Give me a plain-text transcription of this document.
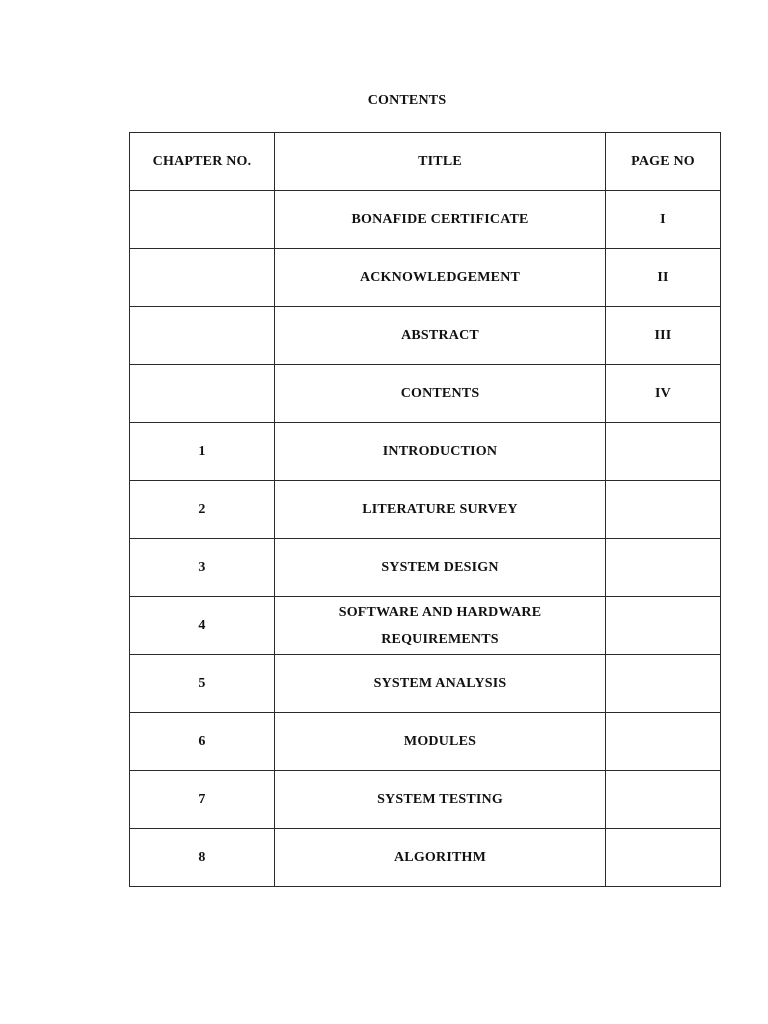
CONTENTS
CHAPTER NO.	TITLE	PAGE NO
	BONAFIDE CERTIFICATE	I
	ACKNOWLEDGEMENT	II
	ABSTRACT	III
	CONTENTS	IV
1	INTRODUCTION	
2	LITERATURE SURVEY	
3	SYSTEM DESIGN	
4	SOFTWARE AND HARDWARE REQUIREMENTS	
5	SYSTEM ANALYSIS	
6	MODULES	
7	SYSTEM TESTING	
8	ALGORITHM	
